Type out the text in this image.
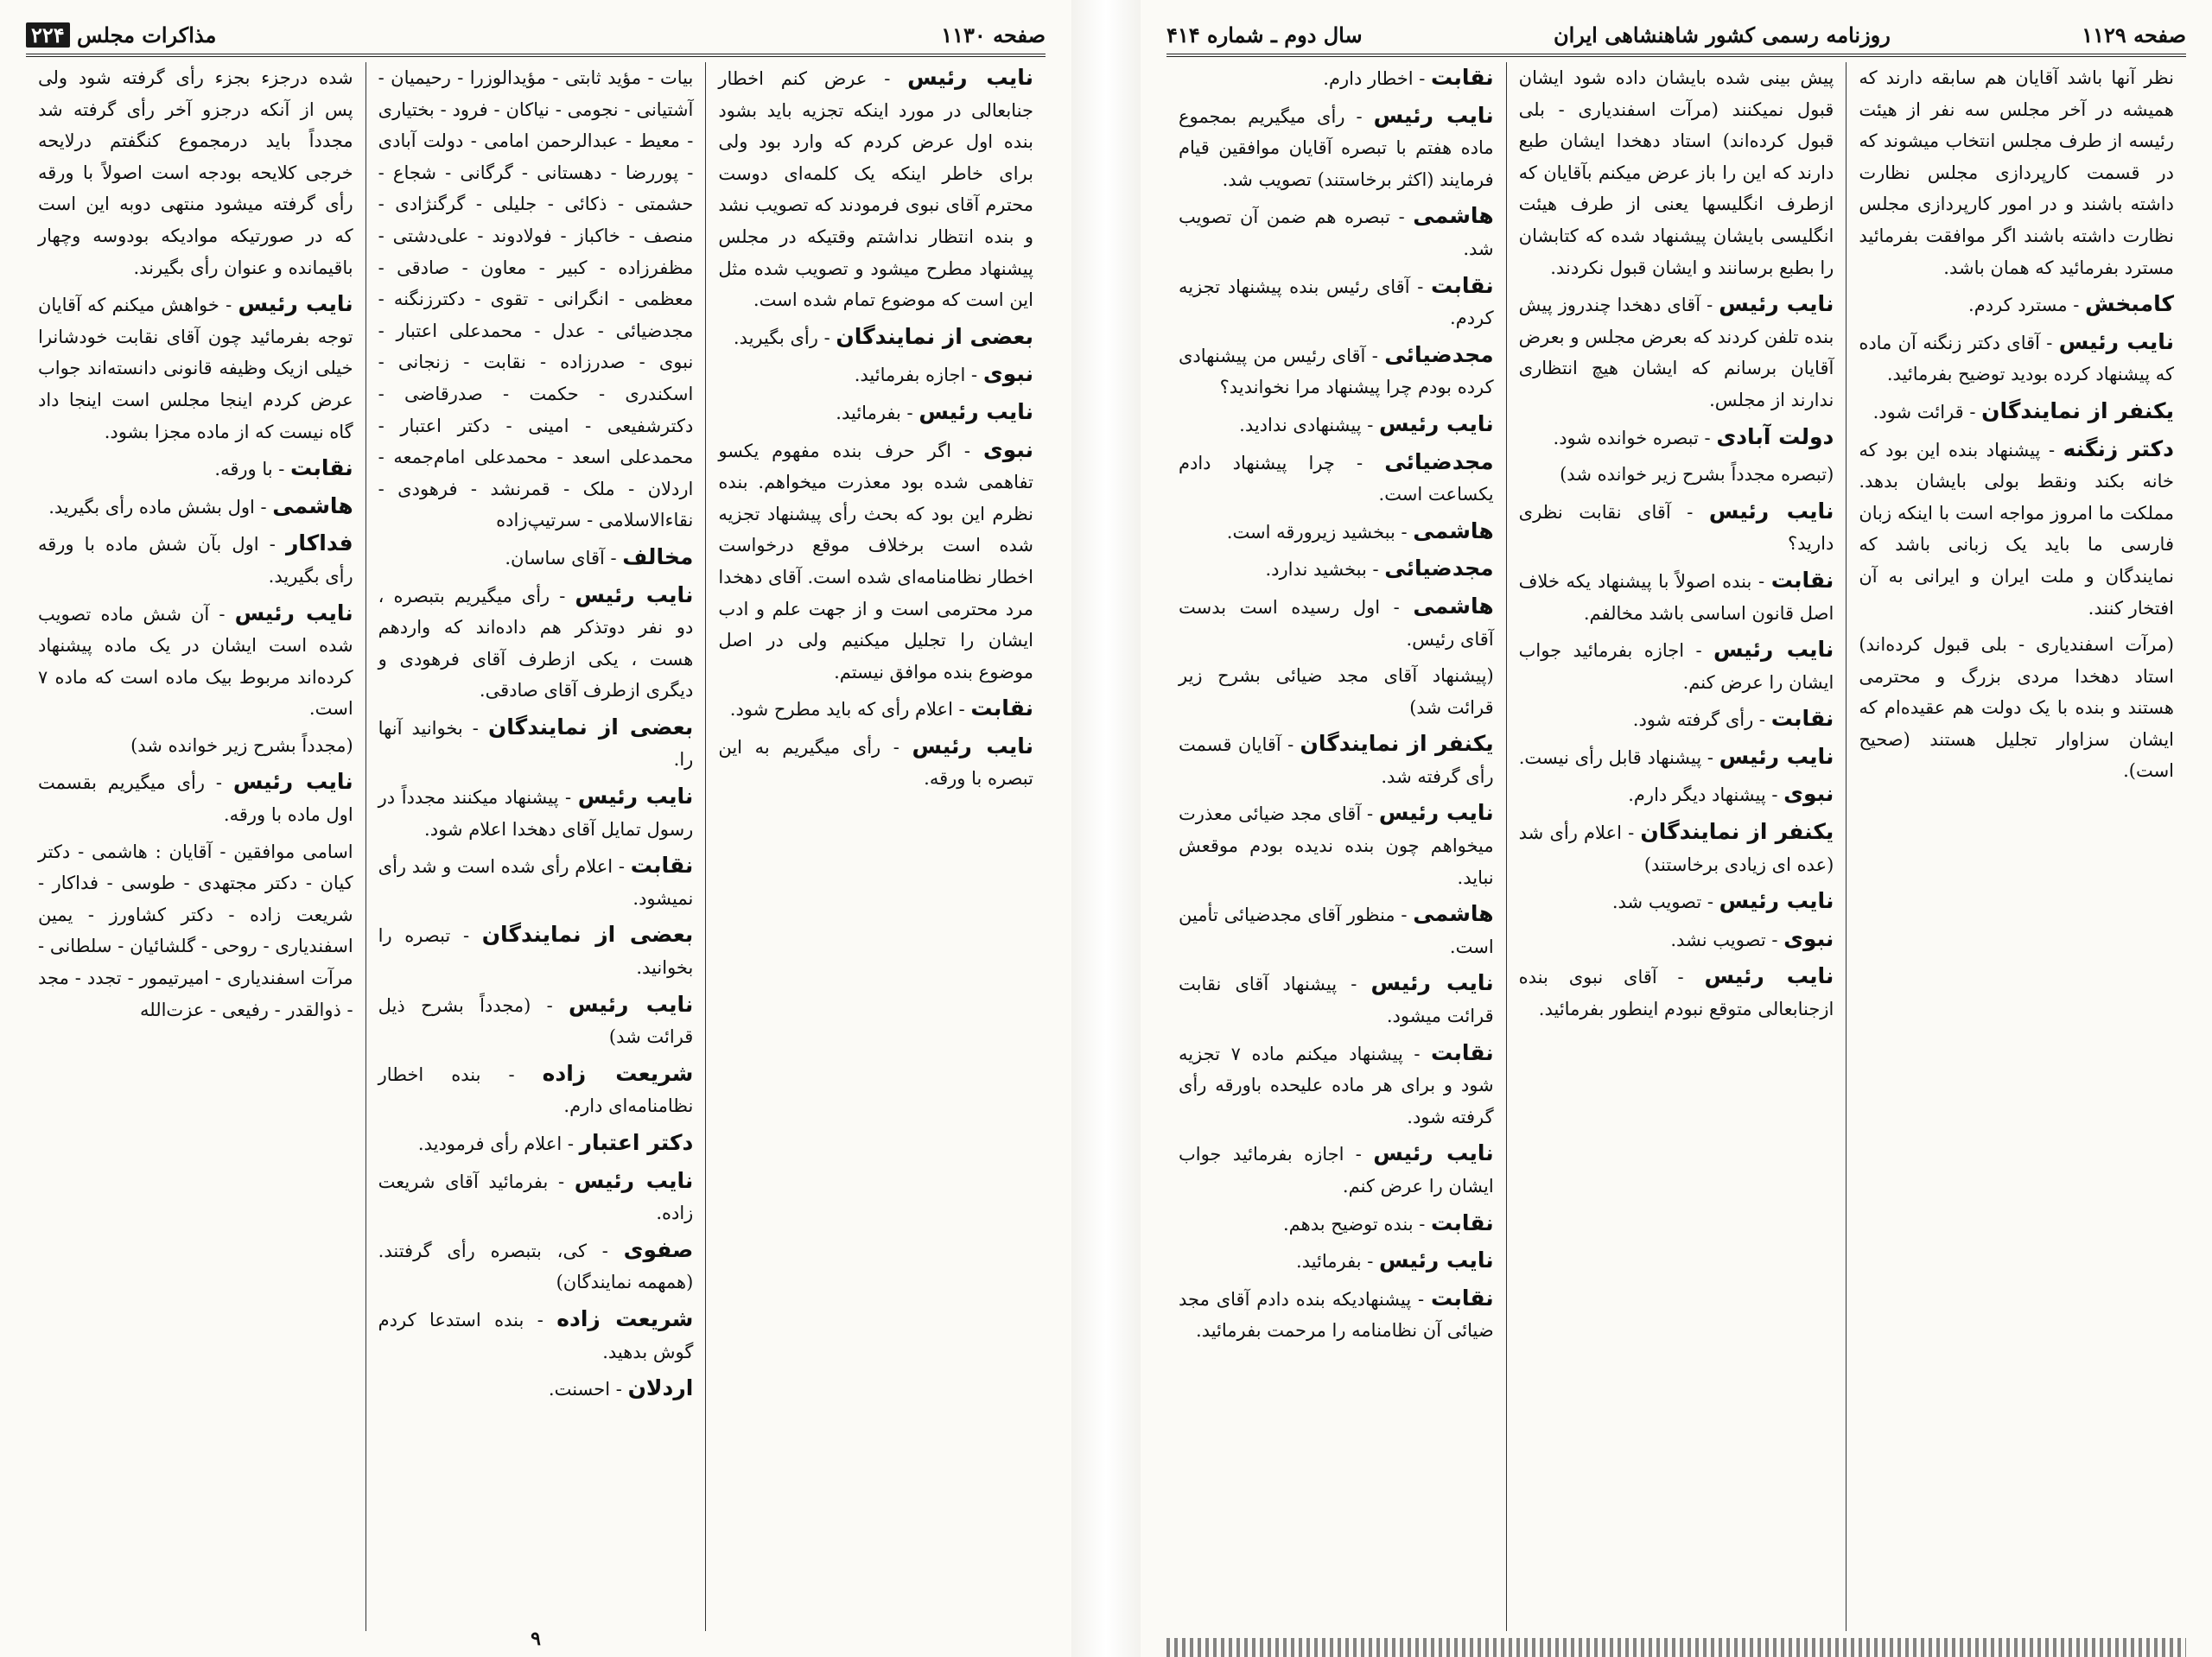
صفحه ۱۱۳۰
مذاکرات مجلس ۲۲۴

نایب رئیس - عرض کنم اخطار جنابعالی در مورد اینکه تجزیه باید بشود بنده اول عرض کردم که وارد بود ولی برای خاطر اینکه یک کلمه‌ای دوست محترم آقای نبوی فرمودند که تصویب نشد و بنده انتظار نداشتم وقتیکه در مجلس پیشنهاد مطرح میشود و تصویب شده مثل این است که موضوع تمام شده است.

بعضی از نمایندگان - رأی بگیرید.

نبوی - اجازه بفرمائید.

نایب رئیس - بفرمائید.

نبوی - اگر حرف بنده مفهوم یکسو تفاهمی شده بود معذرت میخواهم. بنده نظرم این بود که بحث رأی پیشنهاد تجزیه شده است برخلاف موقع درخواست اخطار نظامنامه‌ای شده است. آقای دهخدا مرد محترمی است و از جهت علم و ادب ایشان را تجلیل میکنیم ولی در اصل موضوع بنده موافق نیستم.

نقابت - اعلام رأی که باید مطرح شود.

نایب رئیس - رأی میگیریم به این تبصره با ورقه.

بیات - مؤید ثابتی - مؤیدالوزرا - رحیمیان - آشتیانی - نجومی - نیاکان - فرود - بختیاری - معیط - عبدالرحمن امامی - دولت آبادی - پوررضا - دهستانی - گرگانی - شجاع - حشمتی - ذکائی - جلیلی - گرگنژادی - منصف - خاکباز - فولادوند - علی‌دشتی - مظفرزاده - کبیر - معاون - صادقی - معظمی - انگرانی - تقوی - دکترزنگنه - مجدضیائی - عدل - محمدعلی اعتبار - نبوی - صدرزاده - نقابت - زنجانی - اسکندری - حکمت - صدرقاضی - دکترشفیعی - امینی - دکتر اعتبار - محمدعلی اسعد - محمدعلی امام‌جمعه - اردلان - ملک - قمرنشد - فرهودی - نقاءالاسلامی - سرتیپ‌زاده

مخالف - آقای ساسان.

نایب رئیس - رأی میگیریم بتبصره ، دو نفر دوتذکر هم داده‌اند که واردهم هست ، یکی ازطرف آقای فرهودی و دیگری ازطرف آقای صادقی.

بعضی از نمایندگان - بخوانید آنها را.

نایب رئیس - پیشنهاد میکنند مجدداً در رسول تمایل آقای دهخدا اعلام شود.

نقابت - اعلام رأی شده است و شد رأی نمیشود.

بعضی از نمایندگان - تبصره را بخوانید.

نایب رئیس - (مجدداً بشرح ذیل قرائت شد)

شریعت زاده - بنده اخطار نظامنامه‌ای دارم.

دکتر اعتبار - اعلام رأی فرمودید.

نایب رئیس - بفرمائید آقای شریعت زاده.

صفوی - کی، بتبصره رأی گرفتند. (همهمه نمایندگان)

شریعت زاده - بنده استدعا کردم گوش بدهید.

اردلان - احسنت.

شده درجزء بجزء رأی گرفته شود ولی پس از آنکه درجزو آخر رأی گرفته شد مجدداً باید درمجموع کنگفتم درلایحه خرجی کلایحه بودجه است اصولاً با ورقه رأی گرفته میشود منتهی دوبه این است که در صورتیکه موادیکه بودوسه وچهار باقیمانده و عنوان رأی بگیرند.

نایب رئیس - خواهش میکنم که آقایان توجه بفرمائید چون آقای نقابت خودشانرا خیلی ازیک وظیفه قانونی دانسته‌اند جواب عرض کردم اینجا مجلس است اینجا داد گاه نیست که از ماده مجزا بشود.

نقابت - با ورقه.

هاشمی - اول بشش ماده رأی بگیرید.

فداکار - اول بآن شش ماده با ورقه رأی بگیرید.

نایب رئیس - آن شش ماده تصویب شده است ایشان در یک ماده پیشنهاد کرده‌اند مربوط بیک ماده است که ماده ۷ است.

(مجدداً بشرح زیر خوانده شد)

نایب رئیس - رأی میگیریم بقسمت اول ماده با ورقه.

اسامی موافقین - آقایان : هاشمی - دکتر کیان - دکتر مجتهدی - طوسی - فداکار - شریعت زاده - دکتر کشاورز - یمین اسفندیاری - روحی - گلشائیان - سلطانی - مرآت اسفندیاری - امیرتیمور - تجدد - مجد - ذوالقدر - رفیعی - عزت‌الله

۹
صفحه ۱۱۲۹
روزنامه رسمی کشور شاهنشاهی ایران
سال دوم ـ شماره ۴۱۴

نظر آنها باشد آقایان هم سابقه دارند که همیشه در آخر مجلس سه نفر از هیئت رئیسه از طرف مجلس انتخاب میشوند که در قسمت کارپردازی مجلس نظارت داشته باشند و در امور کارپردازی مجلس نظارت داشته باشند اگر موافقت بفرمائید مسترد بفرمائید که همان باشد.

کامبخش - مسترد کردم.

نایب رئیس - آقای دکتر زنگنه آن ماده که پیشنهاد کرده بودید توضیح بفرمائید.

یکنفر از نمایندگان - قرائت شود.

دکتر زنگنه - پیشنهاد بنده این بود که خانه بکند ونقط بولی بایشان بدهد. مملکت ما امروز مواجه است با اینکه زبان فارسی ما باید یک زبانی باشد که نمایندگان و ملت ایران و ایرانی به آن افتخار کنند.

(مرآت اسفندیاری - بلی قبول کرده‌اند) استاد دهخدا مردی بزرگ و محترمی هستند و بنده با یک دولت هم عقیده‌ام که ایشان سزاوار تجلیل هستند (صحیح است).

پیش بینی شده بایشان داده شود ایشان قبول نمیکنند (مرآت اسفندیاری - بلی قبول کرده‌اند) استاد دهخدا ایشان طبع دارند که این را باز عرض میکنم بآقایان که ازطرف انگلیسها یعنی از طرف هیئت انگلیسی بایشان پیشنهاد شده که کتابشان را بطبع برسانند و ایشان قبول نکردند.

نایب رئیس - آقای دهخدا چندروز پیش بنده تلفن کردند که بعرض مجلس و بعرض آقایان برسانم که ایشان هیچ انتظاری ندارند از مجلس.

دولت آبادی - تبصره خوانده شود.

(تبصره مجدداً بشرح زیر خوانده شد)

نایب رئیس - آقای نقابت نظری دارید؟

نقابت - بنده اصولاً با پیشنهاد یکه خلاف اصل قانون اساسی باشد مخالفم.

نایب رئیس - اجازه بفرمائید جواب ایشان را عرض کنم.

نقابت - رأی گرفته شود.

نایب رئیس - پیشنهاد قابل رأی نیست.

نبوی - پیشنهاد دیگر دارم.

یکنفر از نمایندگان - اعلام رأی شد (عده ای زیادی برخاستند)

نایب رئیس - تصویب شد.

نبوی - تصویب نشد.

نایب رئیس - آقای نبوی بنده ازجنابعالی متوقع نبودم اینطور بفرمائید.

نقابت - اخطار دارم.

نایب رئیس - رأی میگیریم بمجموع ماده هفتم با تبصره آقایان موافقین قیام فرمایند (اکثر برخاستند) تصویب شد.

هاشمی - تبصره هم ضمن آن تصویب شد.

نقابت - آقای رئیس بنده پیشنهاد تجزیه کردم.

مجدضیائی - آقای رئیس من پیشنهادی کرده بودم چرا پیشنهاد مرا نخواندید؟

نایب رئیس - پیشنهادی ندادید.

مجدضیائی - چرا پیشنهاد دادم یکساعت است.

هاشمی - ببخشید زیرورقه است.

مجدضیائی - ببخشید ندارد.

هاشمی - اول رسیده است بدست آقای رئیس.

(پیشنهاد آقای مجد ضیائی بشرح زیر قرائت شد)

یکنفر از نمایندگان - آقایان قسمت رأی گرفته شد.

نایب رئیس - آقای مجد ضیائی معذرت میخواهم چون بنده ندیده بودم موقعش نباید.

هاشمی - منظور آقای مجدضیائی تأمین است.

نایب رئیس - پیشنهاد آقای نقابت قرائت میشود.

نقابت - پیشنهاد میکنم ماده ۷ تجزیه شود و برای هر ماده علیحده باورقه رأی گرفته شود.

نایب رئیس - اجازه بفرمائید جواب ایشان را عرض کنم.

نقابت - بنده توضیح بدهم.

نایب رئیس - بفرمائید.

نقابت - پیشنهادیکه بنده دادم آقای مجد ضیائی آن نظامنامه را مرحمت بفرمائید.
